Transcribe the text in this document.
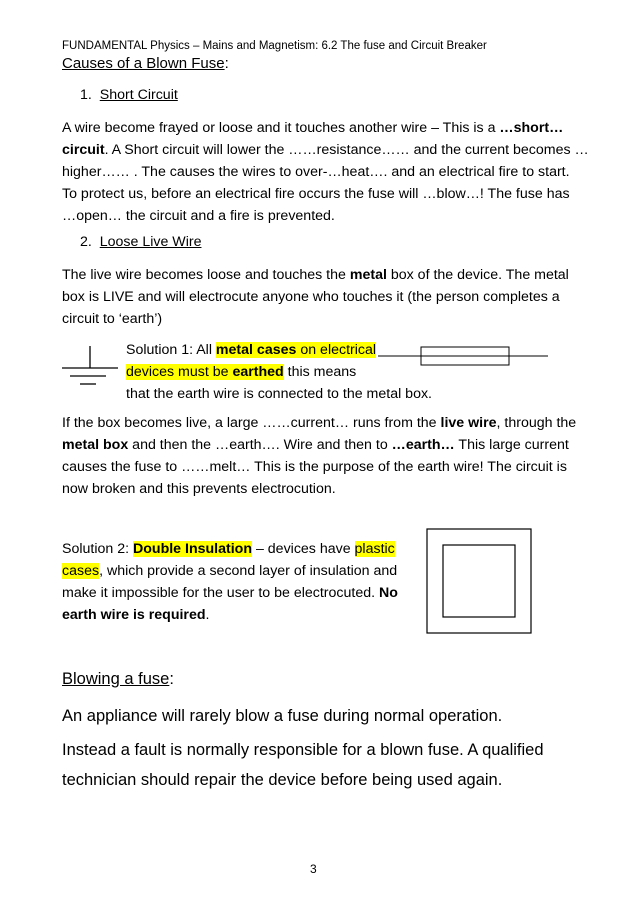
FUNDAMENTAL Physics – Mains and Magnetism: 6.2 The fuse and Circuit Breaker
Causes of a Blown Fuse:
1. Short Circuit
A wire become frayed or loose and it touches another wire – This is a …short…
circuit. A Short circuit will lower the ……resistance…… and the current becomes …
higher…… . The causes the wires to over-…heat…. and an electrical fire to start.
To protect us, before an electrical fire occurs the fuse will …blow…! The fuse has
…open… the circuit and a fire is prevented.
2. Loose Live Wire
The live wire becomes loose and touches the metal box of the device. The metal
box is LIVE and will electrocute anyone who touches it (the person completes a
circuit to ‘earth’)
Solution 1: All metal cases on electrical
devices must be earthed this means
that the earth wire is connected to the metal box.
If the box becomes live, a large ……current… runs from the live wire, through the
metal box and then the …earth…. Wire and then to …earth… This large current
causes the fuse to ……melt… This is the purpose of the earth wire! The circuit is
now broken and this prevents electrocution.
Solution 2: Double Insulation – devices have plastic
cases, which provide a second layer of insulation and
make it impossible for the user to be electrocuted. No
earth wire is required.
Blowing a fuse:
An appliance will rarely blow a fuse during normal operation.
Instead a fault is normally responsible for a blown fuse. A qualified
technician should repair the device before being used again.
3
